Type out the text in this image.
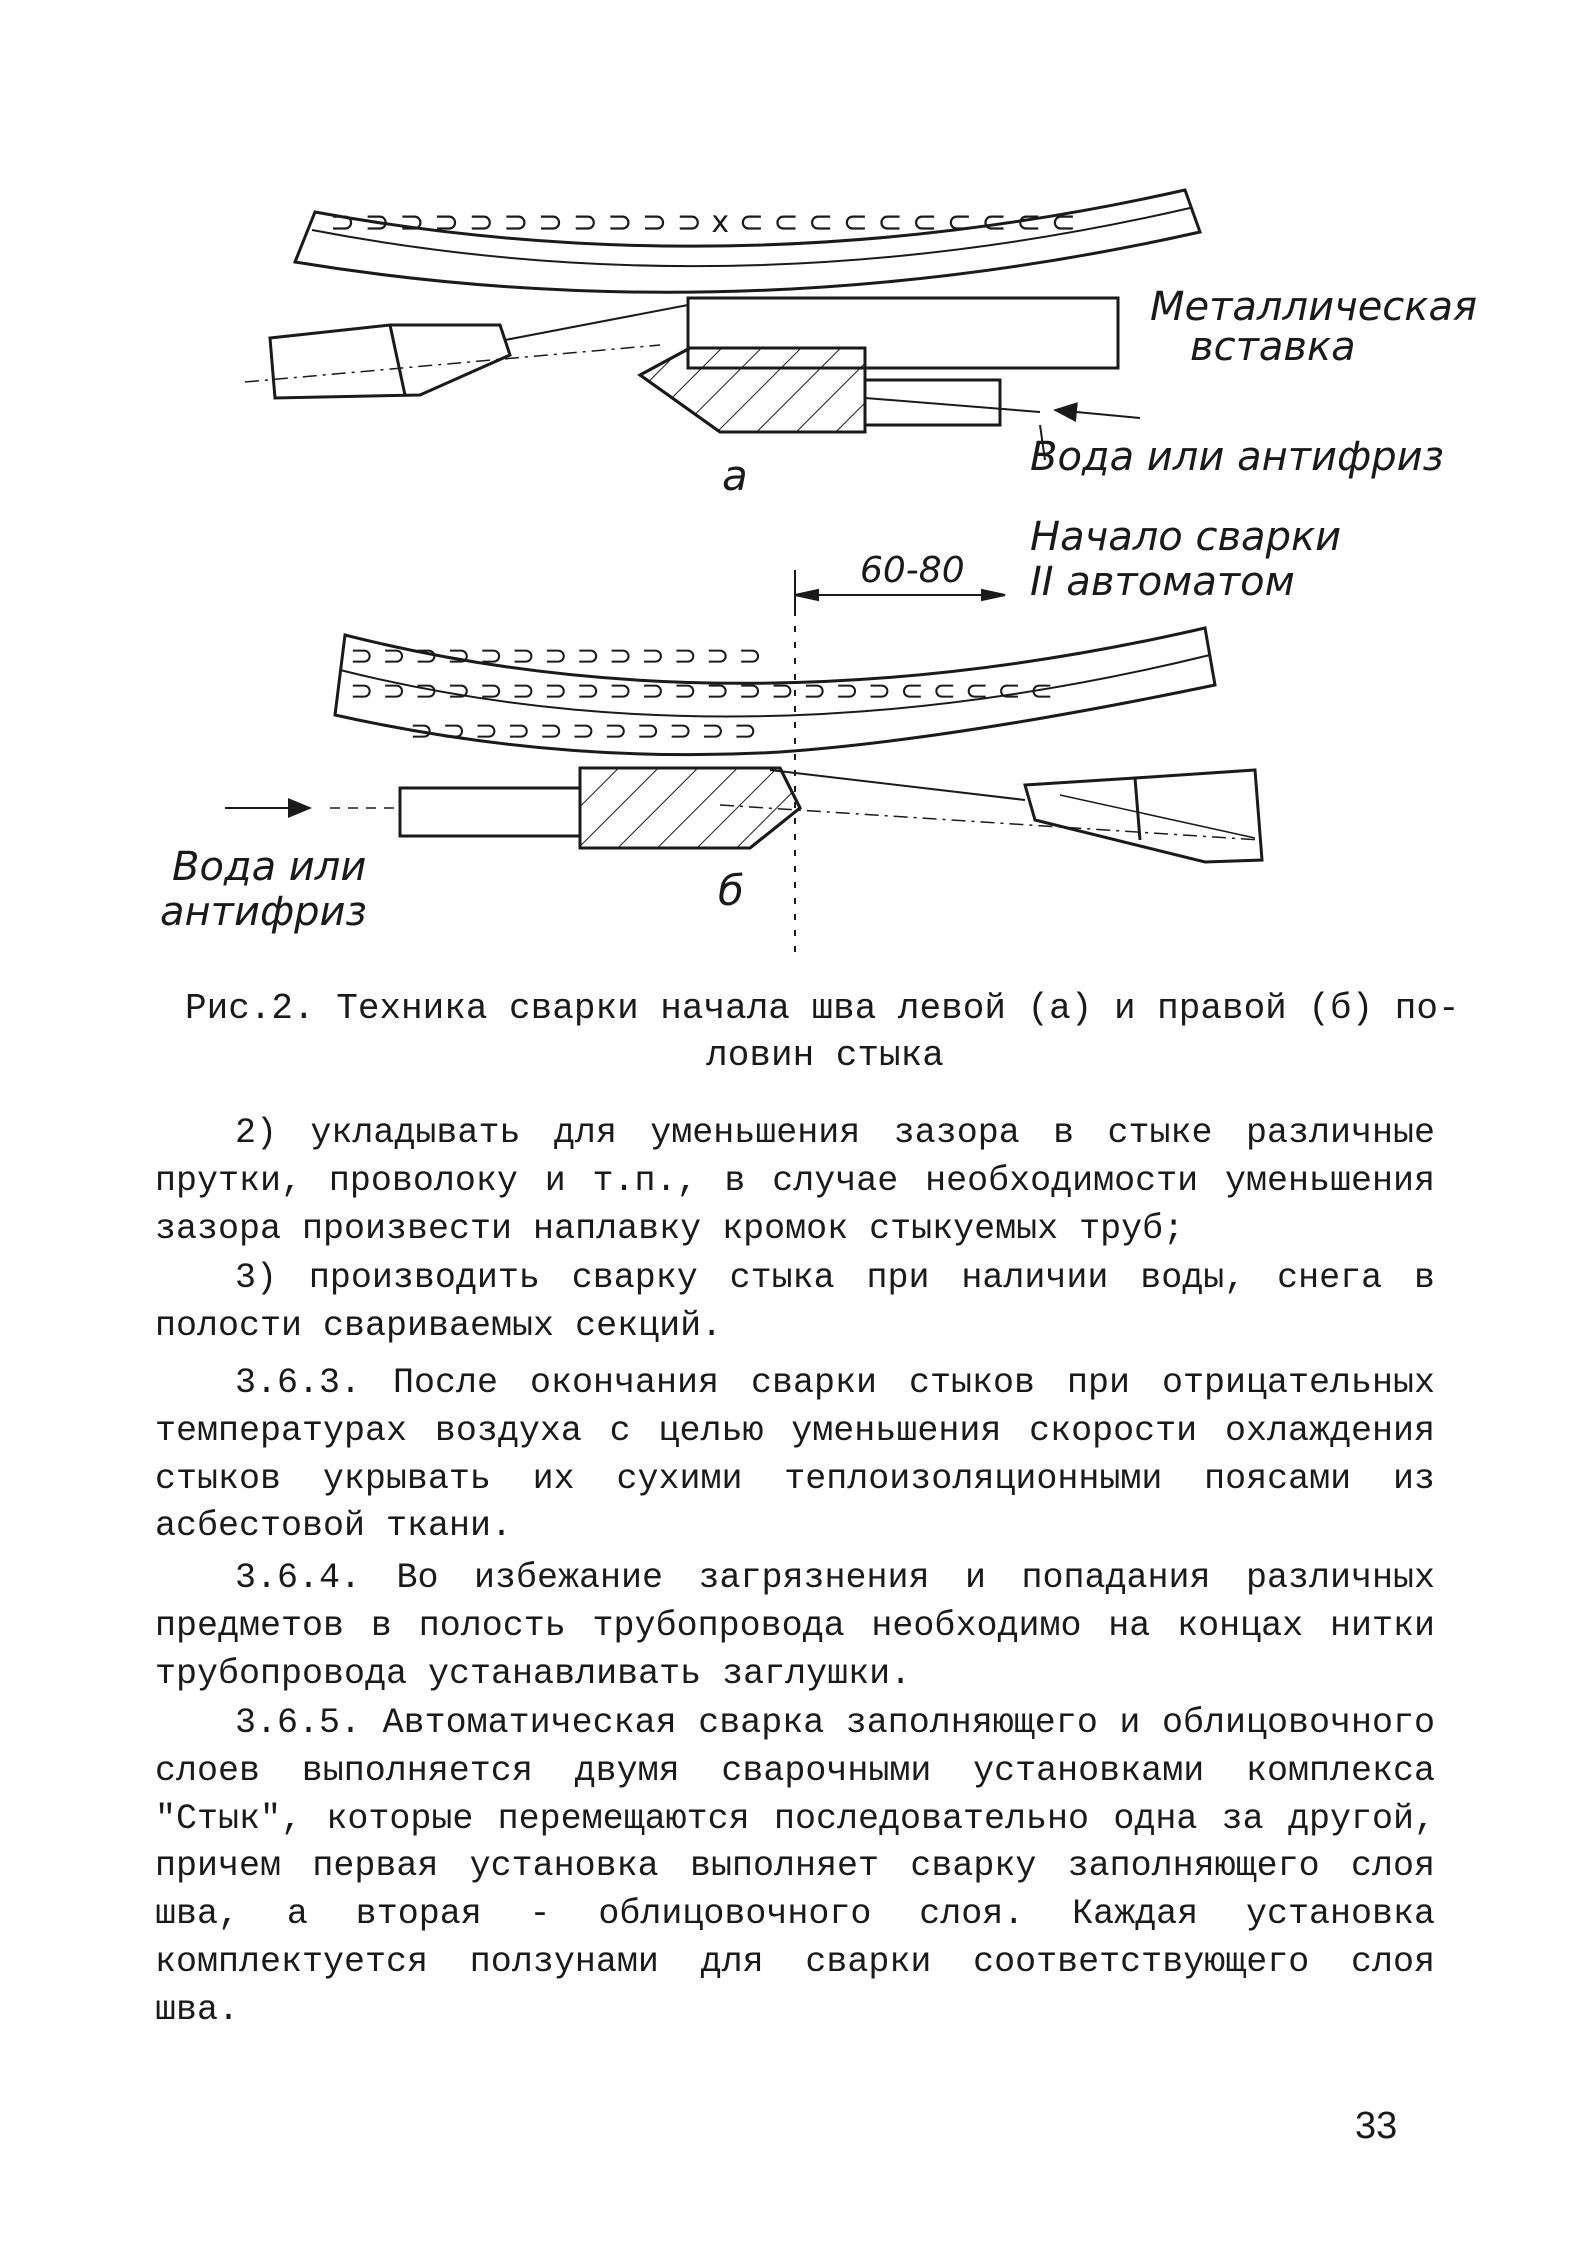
⊃ ⊃ ⊃ ⊃ ⊃ ⊃ ⊃ ⊃ ⊃ ⊃ ⊃ x ⊂ ⊂ ⊂ ⊂ ⊂ ⊂ ⊂ ⊂ ⊂ ⊂
а
Металлическая
вставка
Вода или антифриз
60-80
Начало сварки
II автоматом
⊃ ⊃ ⊃ ⊃ ⊃ ⊃ ⊃ ⊃ ⊃ ⊃ ⊃ ⊃ ⊃
⊃ ⊃ ⊃ ⊃ ⊃ ⊃ ⊃ ⊃ ⊃ ⊃ ⊃ ⊃ ⊃ ⊃ ⊃ ⊃ ⊃ ⊂ ⊂ ⊂ ⊂ ⊂
⊃ ⊃ ⊃ ⊃ ⊃ ⊃ ⊃ ⊃ ⊃ ⊃ ⊃
б
Вода или
антифриз
Рис.2. Техника сварки начала шва левой (а) и правой (б) по-
ловин стыка

2) укладывать для уменьшения зазора в стыке различные прутки, проволоку и т.п., в случае необходимости уменьшения зазора произвести наплавку кромок стыкуемых труб;

3) производить сварку стыка при наличии воды, снега в полости свариваемых секций.

3.6.3. После окончания сварки стыков при отрицательных температурах воздуха с целью уменьшения скорости охлаждения стыков укрывать их сухими теплоизоляционными поясами из асбестовой ткани.

3.6.4. Во избежание загрязнения и попадания различных предметов в полость трубопровода необходимо на концах нитки трубопровода устанавливать заглушки.

3.6.5. Автоматическая сварка заполняющего и облицовочного слоев выполняется двумя сварочными установками комплекса "Стык", которые перемещаются последовательно одна за другой, причем первая установка выполняет сварку заполняющего слоя шва, а вторая - облицовочного слоя. Каждая установка комплектуется ползунами для сварки соответствующего слоя шва.

33
